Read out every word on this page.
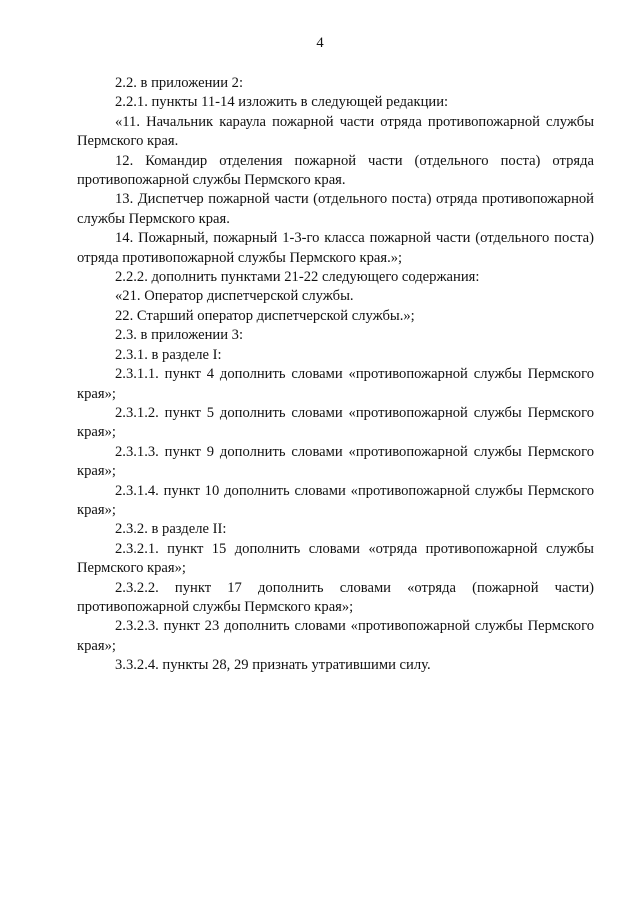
4

2.2. в приложении 2:

2.2.1. пункты 11-14 изложить в следующей редакции:

«11. Начальник караула пожарной части отряда противопожарной службы Пермского края.

12. Командир отделения пожарной части (отдельного поста) отряда противопожарной службы Пермского края.

13. Диспетчер пожарной части (отдельного поста) отряда противопожарной службы Пермского края.

14. Пожарный, пожарный 1-3-го класса пожарной части (отдельного поста) отряда противопожарной службы Пермского края.»;

2.2.2. дополнить пунктами 21-22 следующего содержания:

«21. Оператор диспетчерской службы.

22. Старший оператор диспетчерской службы.»;

2.3. в приложении 3:

2.3.1. в разделе I:

2.3.1.1. пункт 4 дополнить словами «противопожарной службы Пермского края»;

2.3.1.2. пункт 5 дополнить словами «противопожарной службы Пермского края»;

2.3.1.3. пункт 9 дополнить словами «противопожарной службы Пермского края»;

2.3.1.4. пункт 10 дополнить словами «противопожарной службы Пермского края»;

2.3.2. в разделе II:

2.3.2.1. пункт 15 дополнить словами «отряда противопожарной службы Пермского края»;

2.3.2.2. пункт 17 дополнить словами «отряда (пожарной части) противопожарной службы Пермского края»;

2.3.2.3. пункт 23 дополнить словами «противопожарной службы Пермского края»;

3.3.2.4. пункты 28, 29 признать утратившими силу.
